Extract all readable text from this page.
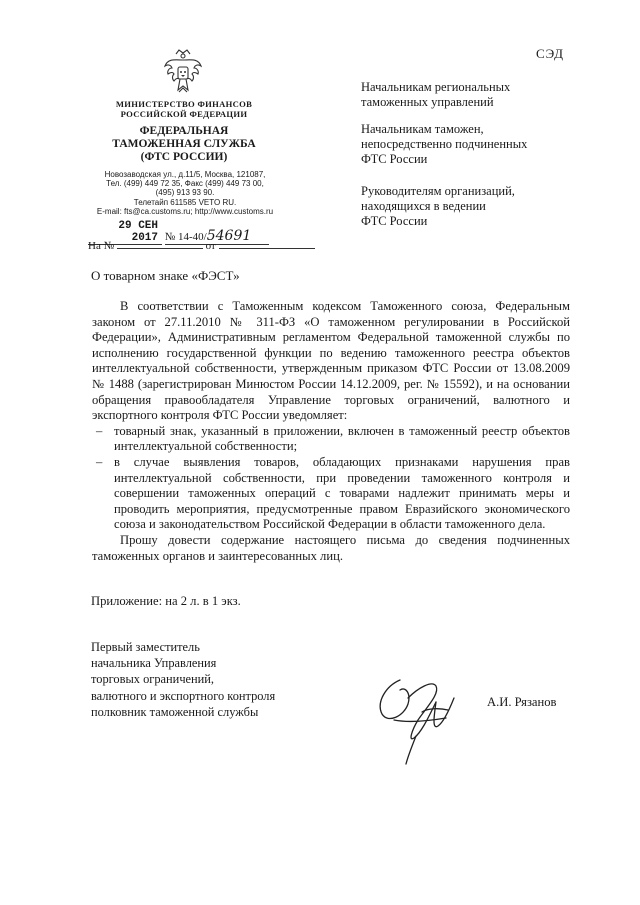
СЭД
МИНИСТЕРСТВО ФИНАНСОВ
РОССИЙСКОЙ ФЕДЕРАЦИИ
ФЕДЕРАЛЬНАЯ
ТАМОЖЕННАЯ СЛУЖБА
(ФТС РОССИИ)
Новозаводская ул., д.11/5, Москва, 121087,
Тел. (499) 449 72 35, Факс (499) 449 73 00,
(495) 913 93 90.
Телетайп 611585 VETO RU.
E-mail: fts@ca.customs.ru; http://www.customs.ru
29 СЕН 2017 № 14-40/54691
На №	от
Начальникам региональных
таможенных управлений
Начальникам таможен,
непосредственно подчиненных
ФТС России
Руководителям организаций,
находящихся в ведении
ФТС России
О товарном знаке «ФЭСТ»

В соответствии с Таможенным кодексом Таможенного союза, Федеральным законом от 27.11.2010 № 311-ФЗ «О таможенном регулировании в Российской Федерации», Административным регламентом Федеральной таможенной службы по исполнению государственной функции по ведению таможенного реестра объектов интеллектуальной собственности, утвержденным приказом ФТС России от 13.08.2009 № 1488 (зарегистрирован Минюстом России 14.12.2009, рег. № 15592), и на основании обращения правообладателя Управление торговых ограничений, валютного и экспортного контроля ФТС России уведомляет:

– товарный знак, указанный в приложении, включен в таможенный реестр объектов интеллектуальной собственности;

– в случае выявления товаров, обладающих признаками нарушения прав интеллектуальной собственности, при проведении таможенного контроля и совершении таможенных операций с товарами надлежит принимать меры и проводить мероприятия, предусмотренные правом Евразийского экономического союза и законодательством Российской Федерации в области таможенного дела.

Прошу довести содержание настоящего письма до сведения подчиненных таможенных органов и заинтересованных лиц.

Приложение: на 2 л. в 1 экз.
Первый заместитель
начальника Управления
торговых ограничений,
валютного и экспортного контроля
полковник таможенной службы
А.И. Рязанов
